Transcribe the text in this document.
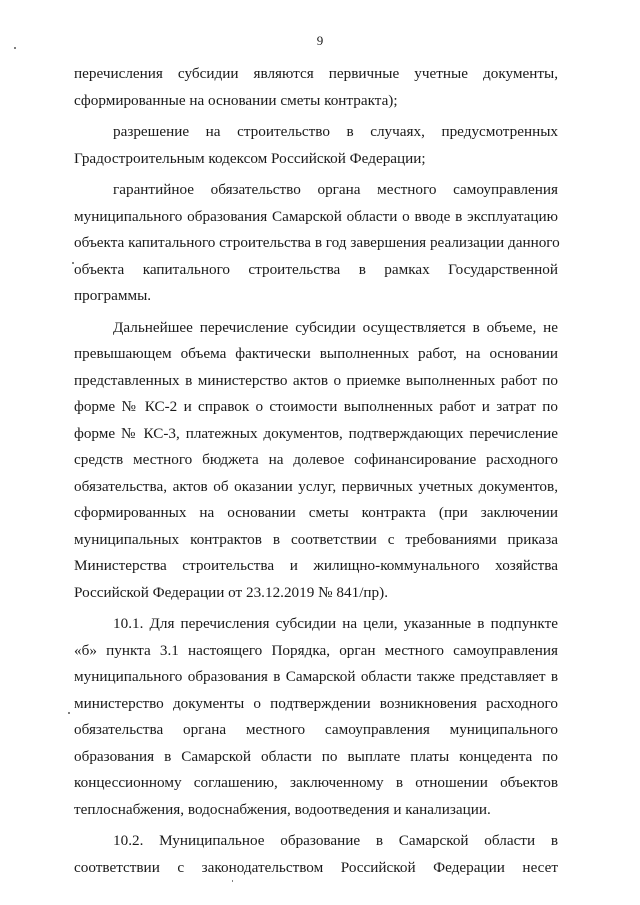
9
перечисления субсидии являются первичные учетные документы,
сформированные на основании сметы контракта);
разрешение на строительство в случаях, предусмотренных
Градостроительным кодексом Российской Федерации;
гарантийное обязательство органа местного самоуправления
муниципального образования Самарской области о вводе в эксплуатацию
объекта капитального строительства в год завершения реализации данного
объекта капитального строительства в рамках Государственной
программы.
Дальнейшее перечисление субсидии осуществляется в объеме, не
превышающем объема фактически выполненных работ, на основании
представленных в министерство актов о приемке выполненных работ по
форме № КС-2 и справок о стоимости выполненных работ и затрат по
форме № КС-3, платежных документов, подтверждающих перечисление
средств местного бюджета на долевое софинансирование расходного
обязательства, актов об оказании услуг, первичных учетных документов,
сформированных на основании сметы контракта (при заключении
муниципальных контрактов в соответствии с требованиями приказа
Министерства строительства и жилищно-коммунального хозяйства
Российской Федерации от 23.12.2019 № 841/пр).
10.1. Для перечисления субсидии на цели, указанные в подпункте
«б» пункта 3.1 настоящего Порядка, орган местного самоуправления
муниципального образования в Самарской области также представляет в
министерство документы о подтверждении возникновения расходного
обязательства органа местного самоуправления муниципального
образования в Самарской области по выплате платы концедента по
концессионному соглашению, заключенному в отношении объектов
теплоснабжения, водоснабжения, водоотведения и канализации.
10.2. Муниципальное образование в Самарской области в
соответствии с законодательством Российской Федерации несет
